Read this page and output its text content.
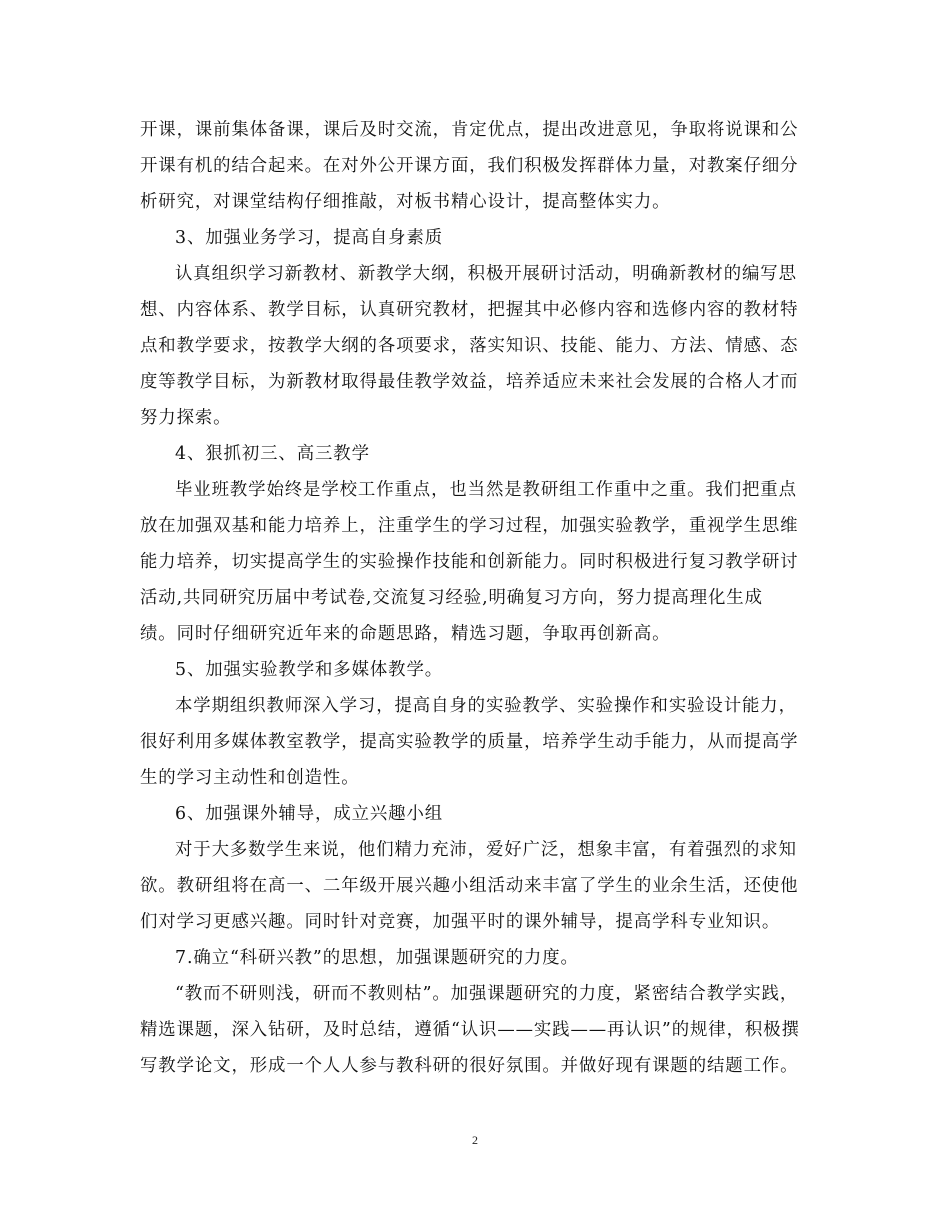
开课，课前集体备课，课后及时交流，肯定优点，提出改进意见，争取将说课和公
开课有机的结合起来。在对外公开课方面，我们积极发挥群体力量，对教案仔细分
析研究，对课堂结构仔细推敲，对板书精心设计，提高整体实力。
3、加强业务学习，提高自身素质
认真组织学习新教材、新教学大纲，积极开展研讨活动，明确新教材的编写思
想、内容体系、教学目标，认真研究教材，把握其中必修内容和选修内容的教材特
点和教学要求，按教学大纲的各项要求，落实知识、技能、能力、方法、情感、态
度等教学目标，为新教材取得最佳教学效益，培养适应未来社会发展的合格人才而
努力探索。
4、狠抓初三、高三教学
毕业班教学始终是学校工作重点，也当然是教研组工作重中之重。我们把重点
放在加强双基和能力培养上，注重学生的学习过程，加强实验教学，重视学生思维
能力培养，切实提高学生的实验操作技能和创新能力。同时积极进行复习教学研讨
活动,共同研究历届中考试卷,交流复习经验,明确复习方向，努力提高理化生成
绩。同时仔细研究近年来的命题思路，精选习题，争取再创新高。
5、加强实验教学和多媒体教学。
本学期组织教师深入学习，提高自身的实验教学、实验操作和实验设计能力，
很好利用多媒体教室教学，提高实验教学的质量，培养学生动手能力，从而提高学
生的学习主动性和创造性。
6、加强课外辅导，成立兴趣小组
对于大多数学生来说，他们精力充沛，爱好广泛，想象丰富，有着强烈的求知
欲。教研组将在高一、二年级开展兴趣小组活动来丰富了学生的业余生活，还使他
们对学习更感兴趣。同时针对竞赛，加强平时的课外辅导，提高学科专业知识。
7.确立“科研兴教”的思想，加强课题研究的力度。
“教而不研则浅，研而不教则枯”。加强课题研究的力度，紧密结合教学实践，
精选课题，深入钻研，及时总结，遵循“认识——实践——再认识”的规律，积极撰
写教学论文，形成一个人人参与教科研的很好氛围。并做好现有课题的结题工作。
2
